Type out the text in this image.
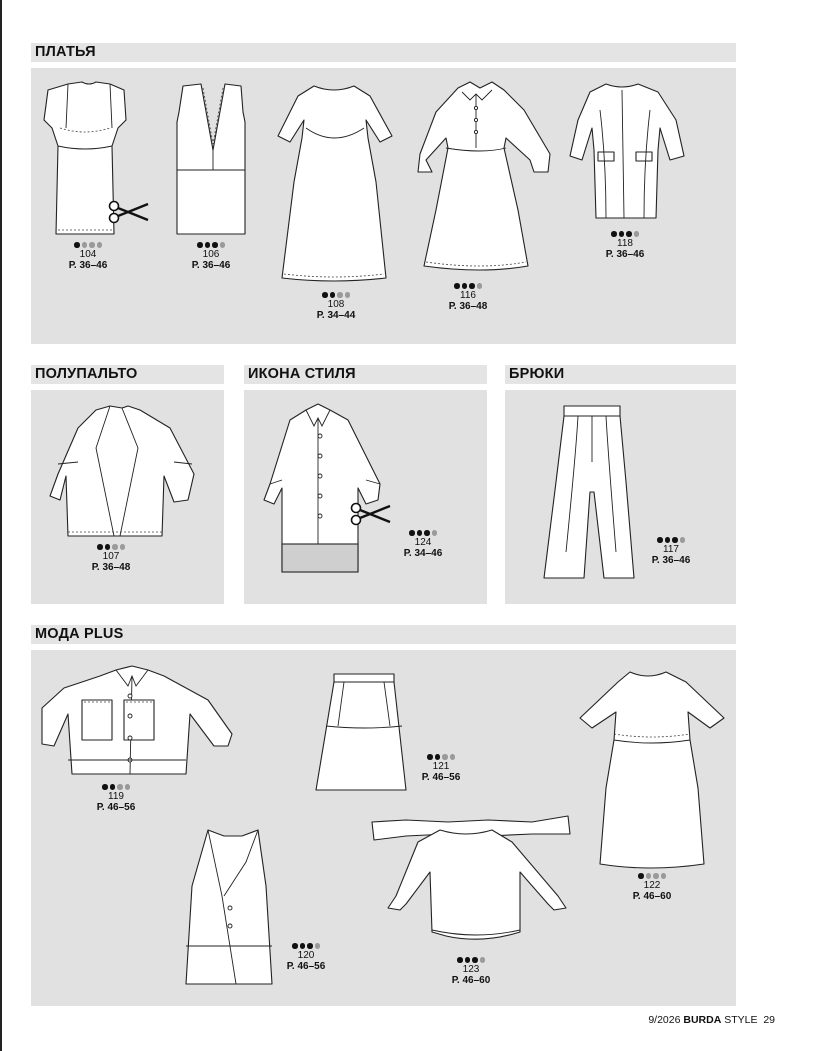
ПЛАТЬЯ
ПОЛУПАЛЬТО	ИКОНА СТИЛЯ	БРЮКИ
МОДА PLUS
104
Р. 36–46
106
Р. 36–46
108
Р. 34–44
116
Р. 36–48
118
Р. 36–46
107
Р. 36–48
124
Р. 34–46	117
Р. 36–46
119
Р. 46–56
121
Р. 46–56
122
Р. 46–60
120
Р. 46–56	123
Р. 46–60
9/2026 BURDA STYLE 29
